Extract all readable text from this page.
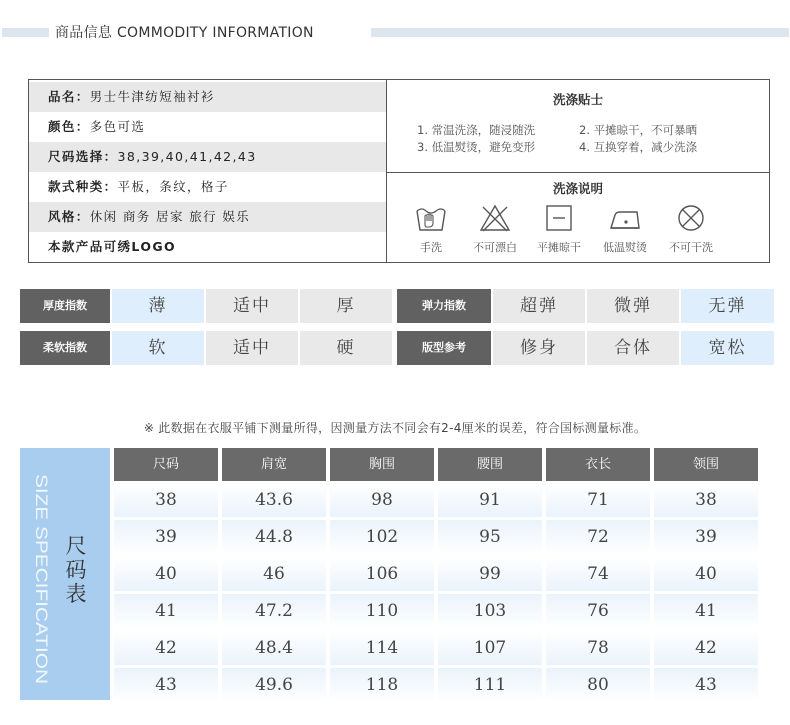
商品信息 COMMODITY INFORMATION
品名：男士牛津纺短袖衬衫
颜色：多色可选
尺码选择：38,39,40,41,42,43
款式种类：平板，条纹，格子
风格：休闲 商务 居家 旅行 娱乐
本款产品可绣LOGO
洗涤贴士
1. 常温洗涤，随浸随洗	2. 平摊晾干，不可暴晒
3. 低温熨烫，避免变形	4. 互换穿着，减少洗涤
洗涤说明
手洗	不可漂白	平摊晾干	低温熨烫	不可干洗
厚度指数	薄	适中	厚	弹力指数	超弹	微弹	无弹
柔软指数	软	适中	硬	版型参考	修身	合体	宽松
※ 此数据在衣服平铺下测量所得，因测量方法不同会有2-4厘米的误差，符合国标测量标准。
SIZE SPECIFICATION 尺码表
尺码	肩宽	胸围	腰围	衣长	领围
38	43.6	98	91	71	38
39	44.8	102	95	72	39
40	46	106	99	74	40
41	47.2	110	103	76	41
42	48.4	114	107	78	42
43	49.6	118	111	80	43
